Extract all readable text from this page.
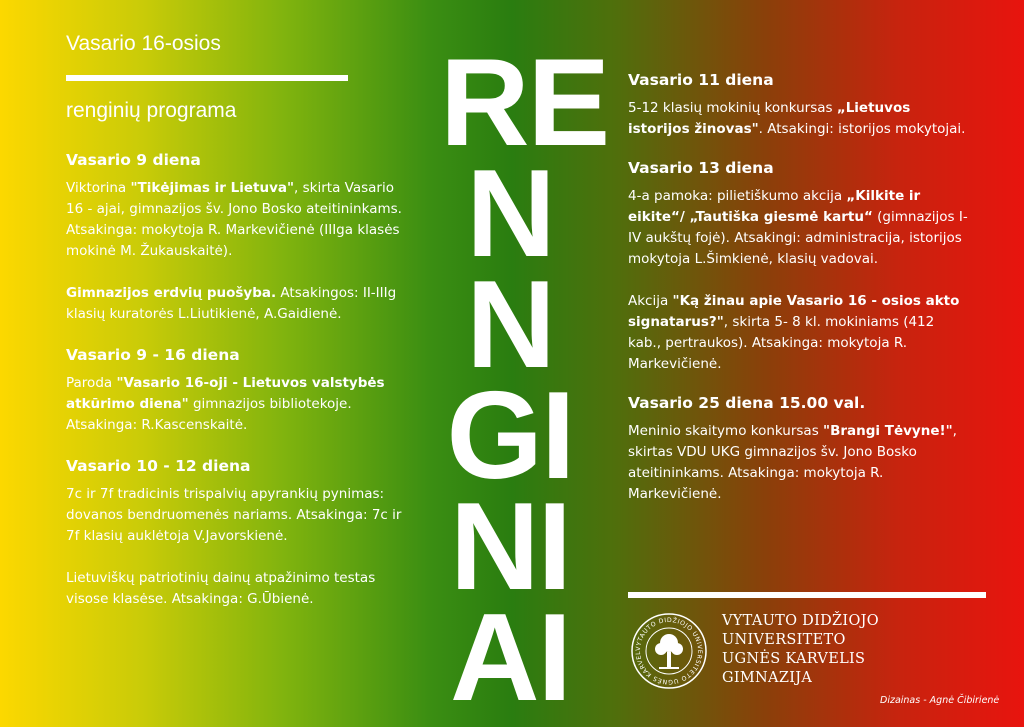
Vasario 16-osios
renginių programa

Vasario 9 diena

Viktorina "Tikėjimas ir Lietuva", skirta Vasario 16 - ajai, gimnazijos šv. Jono Bosko ateitininkams. Atsakinga: mokytoja R. Markevičienė (IIIga klasės mokinė M. Žukauskaitė).

Gimnazijos erdvių puošyba. Atsakingos: II-IIIg klasių kuratorės L.Liutikienė, A.Gaidienė.

Vasario 9 - 16 diena

Paroda "Vasario 16-oji - Lietuvos valstybės atkūrimo diena" gimnazijos bibliotekoje. Atsakinga: R.Kascenskaitė.

Vasario 10 - 12 diena

7c ir 7f tradicinis trispalvių apyrankių pynimas: dovanos bendruomenės nariams. Atsakinga: 7c ir 7f klasių auklėtoja V.Javorskienė.

Lietuviškų patriotinių dainų atpažinimo testas visose klasėse. Atsakinga: G.Ūbienė.

RE
N
N
GI
NI
AI

Vasario 11 diena

5-12 klasių mokinių konkursas „Lietuvos istorijos žinovas". Atsakingi: istorijos mokytojai.

Vasario 13 diena

4-a pamoka: pilietiškumo akcija „Kilkite ir eikite“/ „Tautiška giesmė kartu“ (gimnazijos I-IV aukštų fojė). Atsakingi: administracija, istorijos mokytoja L.Šimkienė, klasių vadovai.

Akcija "Ką žinau apie Vasario 16 - osios akto signatarus?", skirta 5- 8 kl. mokiniams (412 kab., pertraukos). Atsakinga: mokytoja R. Markevičienė.

Vasario 25 diena 15.00 val.

Meninio skaitymo konkursas "Brangi Tėvyne!", skirtas VDU UKG gimnazijos šv. Jono Bosko ateitininkams. Atsakinga: mokytoja R. Markevičienė.

VYTAUTO DIDŽIOJO UNIVERSITETO UGNĖS KARVEL
VYTAUTO DIDŽIOJO
UNIVERSITETO
UGNĖS KARVELIS
GIMNAZIJA
Dizainas - Agnė Čibirienė
